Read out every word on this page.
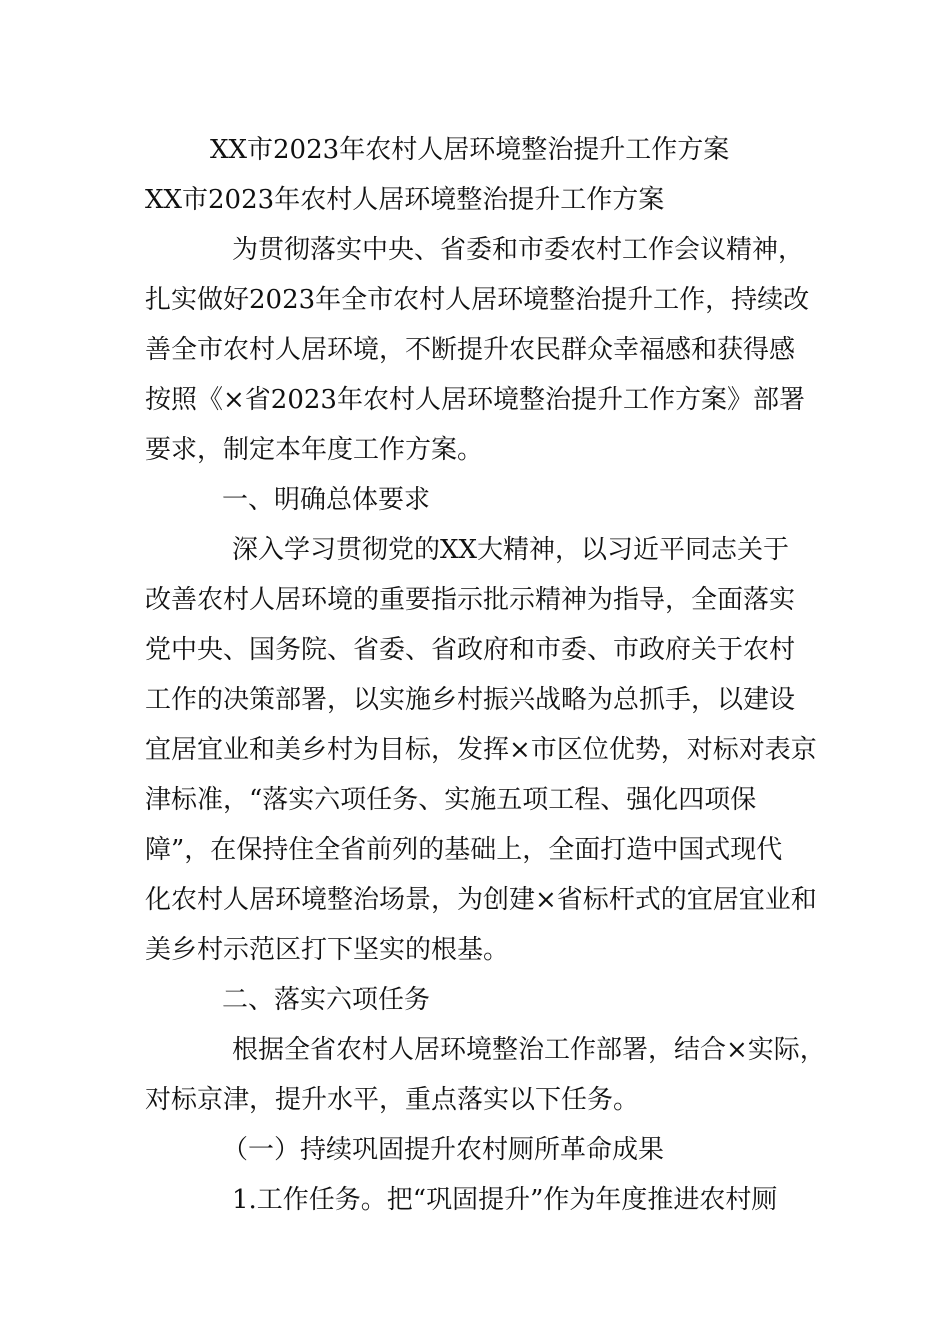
XX市2023年农村人居环境整治提升工作方案
XX市2023年农村人居环境整治提升工作方案
为贯彻落实中央、省委和市委农村工作会议精神，
扎实做好2023年全市农村人居环境整治提升工作，持续改
善全市农村人居环境，不断提升农民群众幸福感和获得感
按照《×省2023年农村人居环境整治提升工作方案》部署
要求，制定本年度工作方案。
一、明确总体要求
深入学习贯彻党的XX大精神，以习近平同志关于
改善农村人居环境的重要指示批示精神为指导，全面落实
党中央、国务院、省委、省政府和市委、市政府关于农村
工作的决策部署，以实施乡村振兴战略为总抓手，以建设
宜居宜业和美乡村为目标，发挥×市区位优势，对标对表京
津标准，“落实六项任务、实施五项工程、强化四项保
障”，在保持住全省前列的基础上，全面打造中国式现代
化农村人居环境整治场景，为创建×省标杆式的宜居宜业和
美乡村示范区打下坚实的根基。
二、落实六项任务
根据全省农村人居环境整治工作部署，结合×实际，
对标京津，提升水平，重点落实以下任务。
（一）持续巩固提升农村厕所革命成果
1.工作任务。把“巩固提升”作为年度推进农村厕
